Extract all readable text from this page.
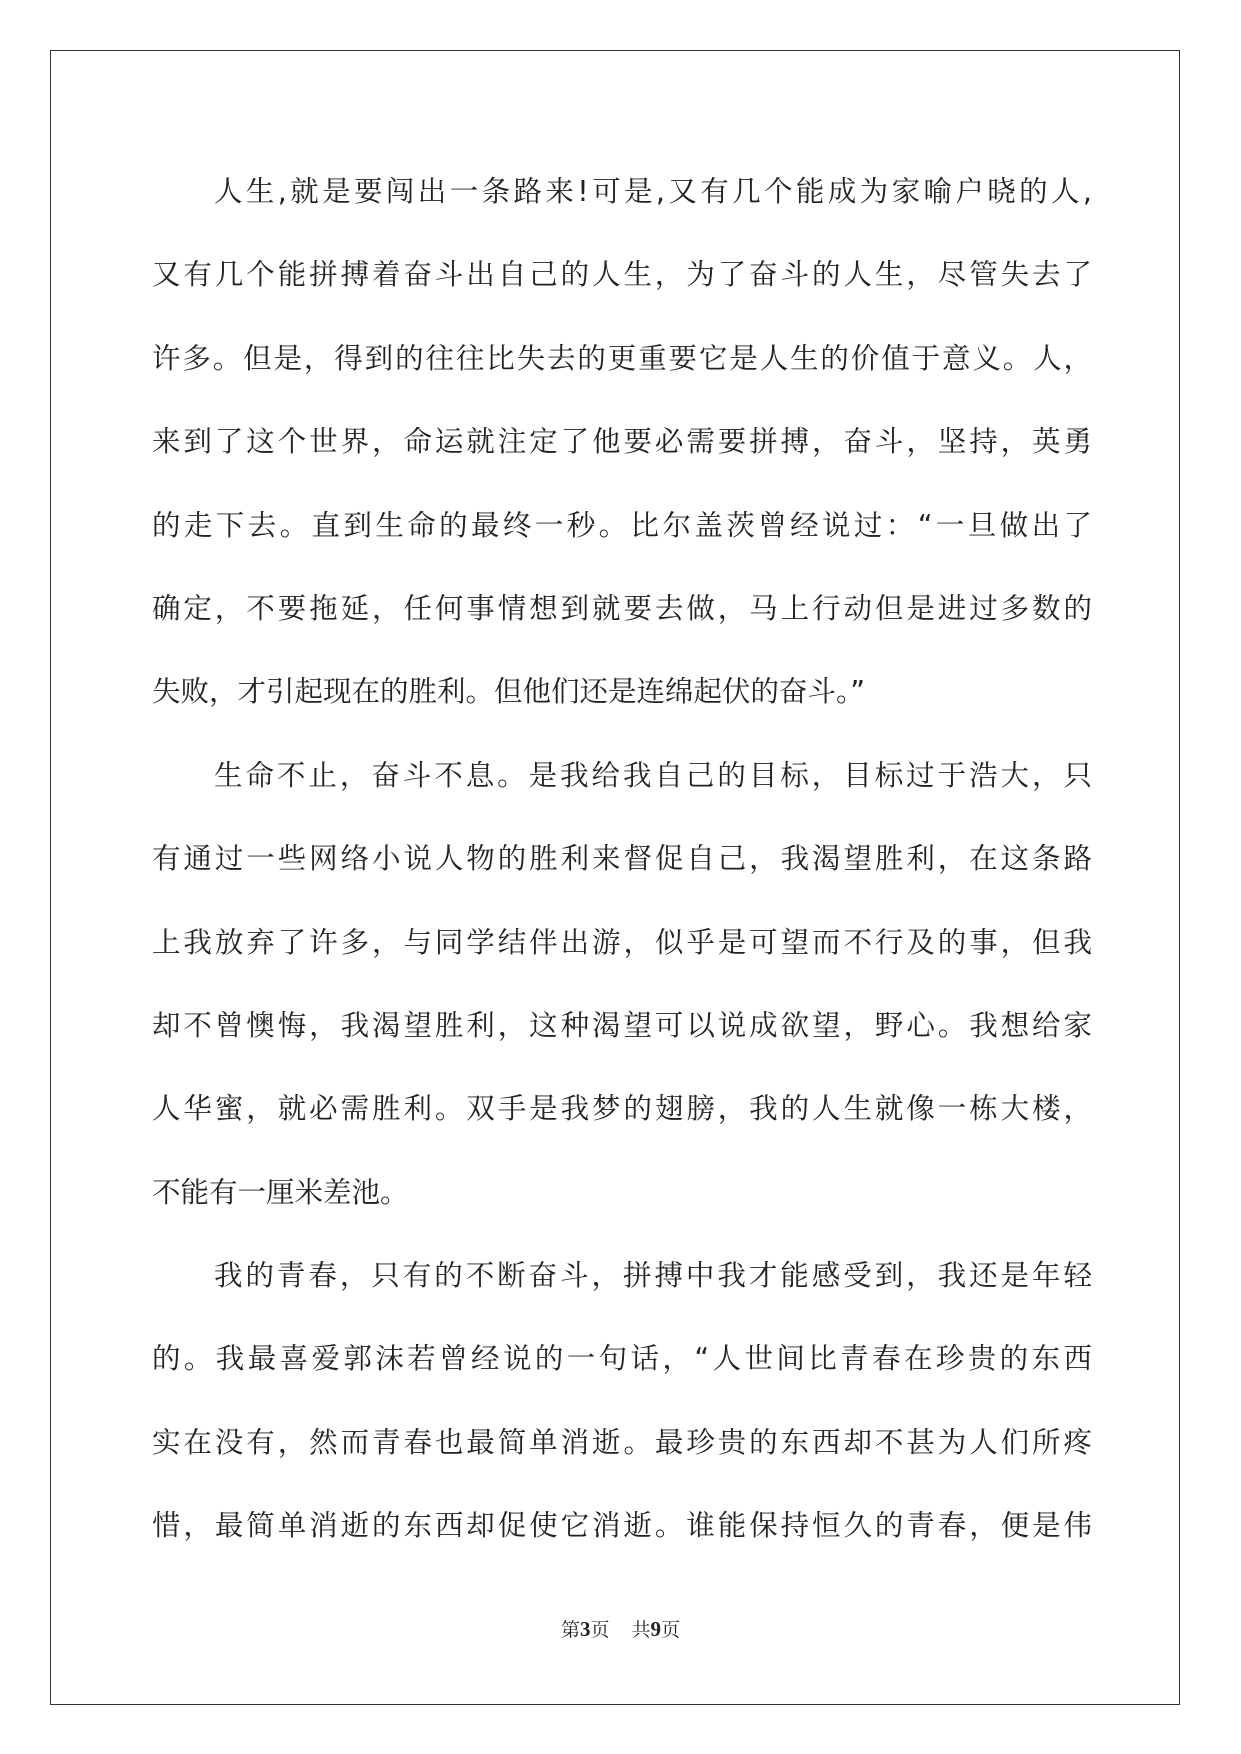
人生,就是要闯出一条路来!可是,又有几个能成为家喻户晓的人,
又有几个能拼搏着奋斗出自己的人生，为了奋斗的人生，尽管失去了
许多。但是，得到的往往比失去的更重要它是人生的价值于意义。人，
来到了这个世界，命运就注定了他要必需要拼搏，奋斗，坚持，英勇
的走下去。直到生命的最终一秒。比尔盖茨曾经说过：“一旦做出了
确定，不要拖延，任何事情想到就要去做，马上行动但是进过多数的
失败，才引起现在的胜利。但他们还是连绵起伏的奋斗。”
生命不止，奋斗不息。是我给我自己的目标，目标过于浩大，只
有通过一些网络小说人物的胜利来督促自己，我渴望胜利，在这条路
上我放弃了许多，与同学结伴出游，似乎是可望而不行及的事，但我
却不曾懊悔，我渴望胜利，这种渴望可以说成欲望，野心。我想给家
人华蜜，就必需胜利。双手是我梦的翅膀，我的人生就像一栋大楼，
不能有一厘米差池。
我的青春，只有的不断奋斗，拼搏中我才能感受到，我还是年轻
的。我最喜爱郭沫若曾经说的一句话，“人世间比青春在珍贵的东西
实在没有，然而青春也最简单消逝。最珍贵的东西却不甚为人们所疼
惜，最简单消逝的东西却促使它消逝。谁能保持恒久的青春，便是伟
第3页 共9页
